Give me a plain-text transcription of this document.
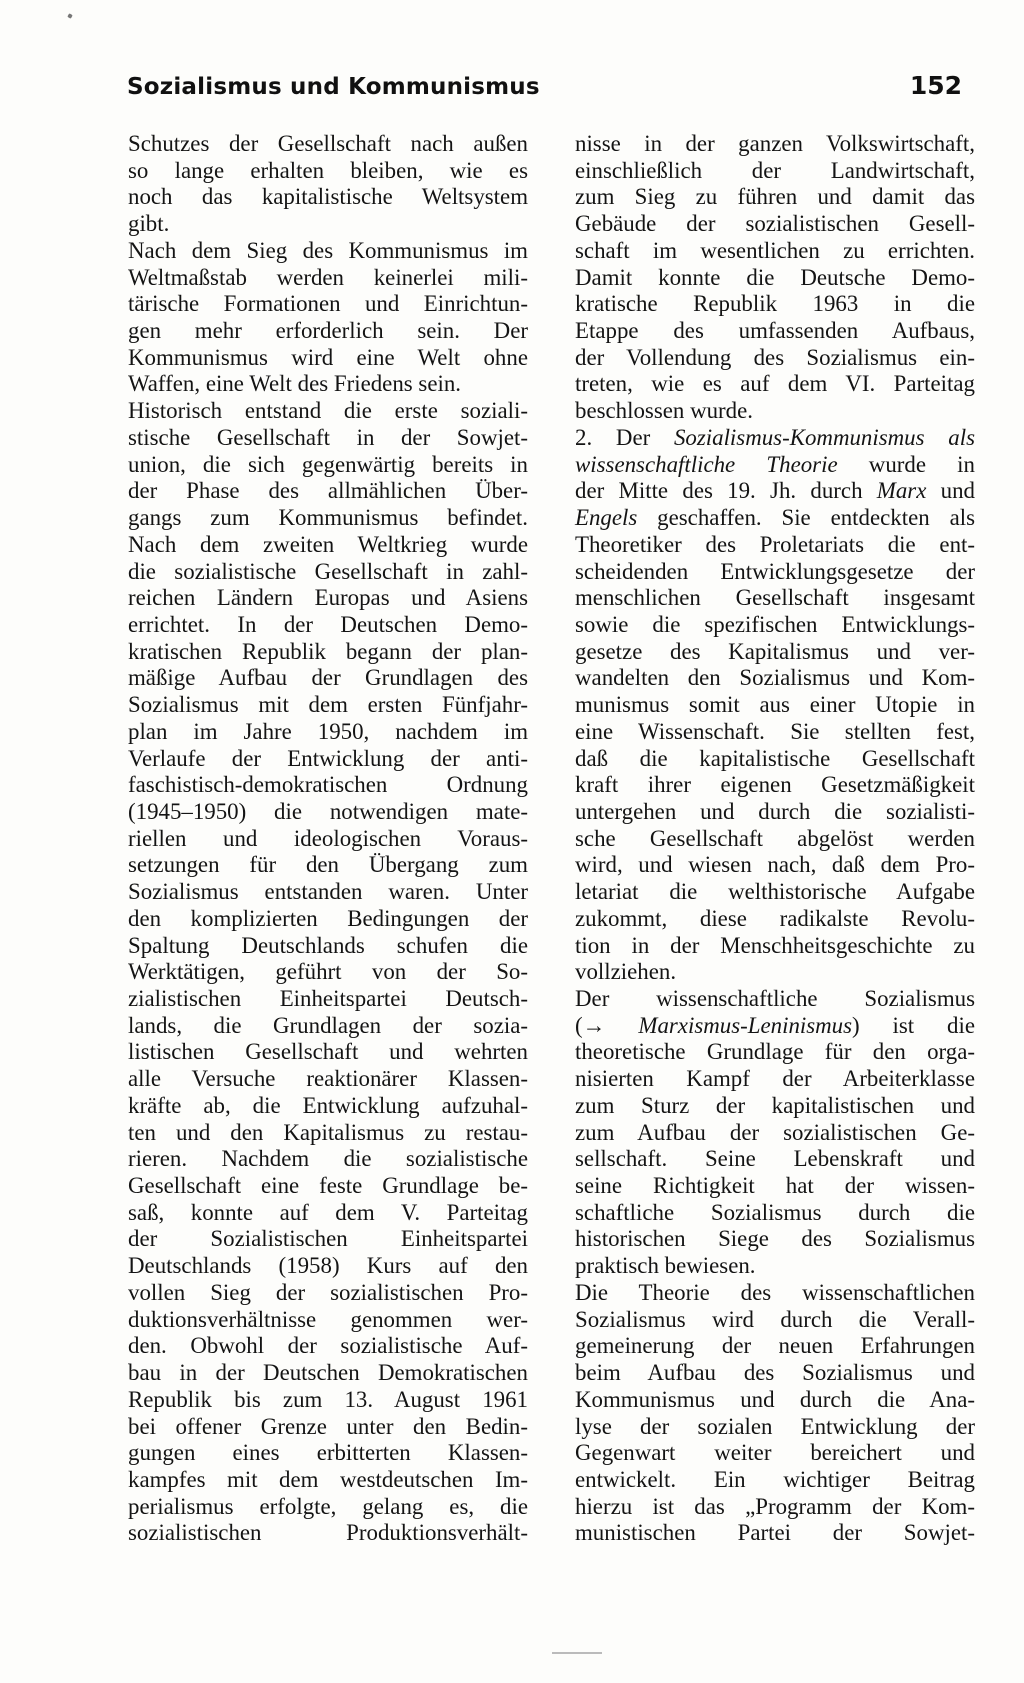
Sozialismus und Kommunismus	152
Schutzes der Gesellschaft nach außen
so lange erhalten bleiben, wie es
noch das kapitalistische Weltsystem
gibt.
Nach dem Sieg des Kommunismus im
Weltmaßstab werden keinerlei mili-
tärische Formationen und Einrichtun-
gen mehr erforderlich sein. Der
Kommunismus wird eine Welt ohne
Waffen, eine Welt des Friedens sein.
Historisch entstand die erste soziali-
stische Gesellschaft in der Sowjet-
union, die sich gegenwärtig bereits in
der Phase des allmählichen Über-
gangs zum Kommunismus befindet.
Nach dem zweiten Weltkrieg wurde
die sozialistische Gesellschaft in zahl-
reichen Ländern Europas und Asiens
errichtet. In der Deutschen Demo-
kratischen Republik begann der plan-
mäßige Aufbau der Grundlagen des
Sozialismus mit dem ersten Fünfjahr-
plan im Jahre 1950, nachdem im
Verlaufe der Entwicklung der anti-
faschistisch-demokratischen Ordnung
(1945–1950) die notwendigen mate-
riellen und ideologischen Voraus-
setzungen für den Übergang zum
Sozialismus entstanden waren. Unter
den komplizierten Bedingungen der
Spaltung Deutschlands schufen die
Werktätigen, geführt von der So-
zialistischen Einheitspartei Deutsch-
lands, die Grundlagen der sozia-
listischen Gesellschaft und wehrten
alle Versuche reaktionärer Klassen-
kräfte ab, die Entwicklung aufzuhal-
ten und den Kapitalismus zu restau-
rieren. Nachdem die sozialistische
Gesellschaft eine feste Grundlage be-
saß, konnte auf dem V. Parteitag
der Sozialistischen Einheitspartei
Deutschlands (1958) Kurs auf den
vollen Sieg der sozialistischen Pro-
duktionsverhältnisse genommen wer-
den. Obwohl der sozialistische Auf-
bau in der Deutschen Demokratischen
Republik bis zum 13. August 1961
bei offener Grenze unter den Bedin-
gungen eines erbitterten Klassen-
kampfes mit dem westdeutschen Im-
perialismus erfolgte, gelang es, die
sozialistischen Produktionsverhält-
nisse in der ganzen Volkswirtschaft,
einschließlich der Landwirtschaft,
zum Sieg zu führen und damit das
Gebäude der sozialistischen Gesell-
schaft im wesentlichen zu errichten.
Damit konnte die Deutsche Demo-
kratische Republik 1963 in die
Etappe des umfassenden Aufbaus,
der Vollendung des Sozialismus ein-
treten, wie es auf dem VI. Parteitag
beschlossen wurde.
2. Der Sozialismus-Kommunismus als
wissenschaftliche Theorie wurde in
der Mitte des 19. Jh. durch Marx und
Engels geschaffen. Sie entdeckten als
Theoretiker des Proletariats die ent-
scheidenden Entwicklungsgesetze der
menschlichen Gesellschaft insgesamt
sowie die spezifischen Entwicklungs-
gesetze des Kapitalismus und ver-
wandelten den Sozialismus und Kom-
munismus somit aus einer Utopie in
eine Wissenschaft. Sie stellten fest,
daß die kapitalistische Gesellschaft
kraft ihrer eigenen Gesetzmäßigkeit
untergehen und durch die sozialisti-
sche Gesellschaft abgelöst werden
wird, und wiesen nach, daß dem Pro-
letariat die welthistorische Aufgabe
zukommt, diese radikalste Revolu-
tion in der Menschheitsgeschichte zu
vollziehen.
Der wissenschaftliche Sozialismus
(→ Marxismus-Leninismus) ist die
theoretische Grundlage für den orga-
nisierten Kampf der Arbeiterklasse
zum Sturz der kapitalistischen und
zum Aufbau der sozialistischen Ge-
sellschaft. Seine Lebenskraft und
seine Richtigkeit hat der wissen-
schaftliche Sozialismus durch die
historischen Siege des Sozialismus
praktisch bewiesen.
Die Theorie des wissenschaftlichen
Sozialismus wird durch die Verall-
gemeinerung der neuen Erfahrungen
beim Aufbau des Sozialismus und
Kommunismus und durch die Ana-
lyse der sozialen Entwicklung der
Gegenwart weiter bereichert und
entwickelt. Ein wichtiger Beitrag
hierzu ist das „Programm der Kom-
munistischen Partei der Sowjet-
